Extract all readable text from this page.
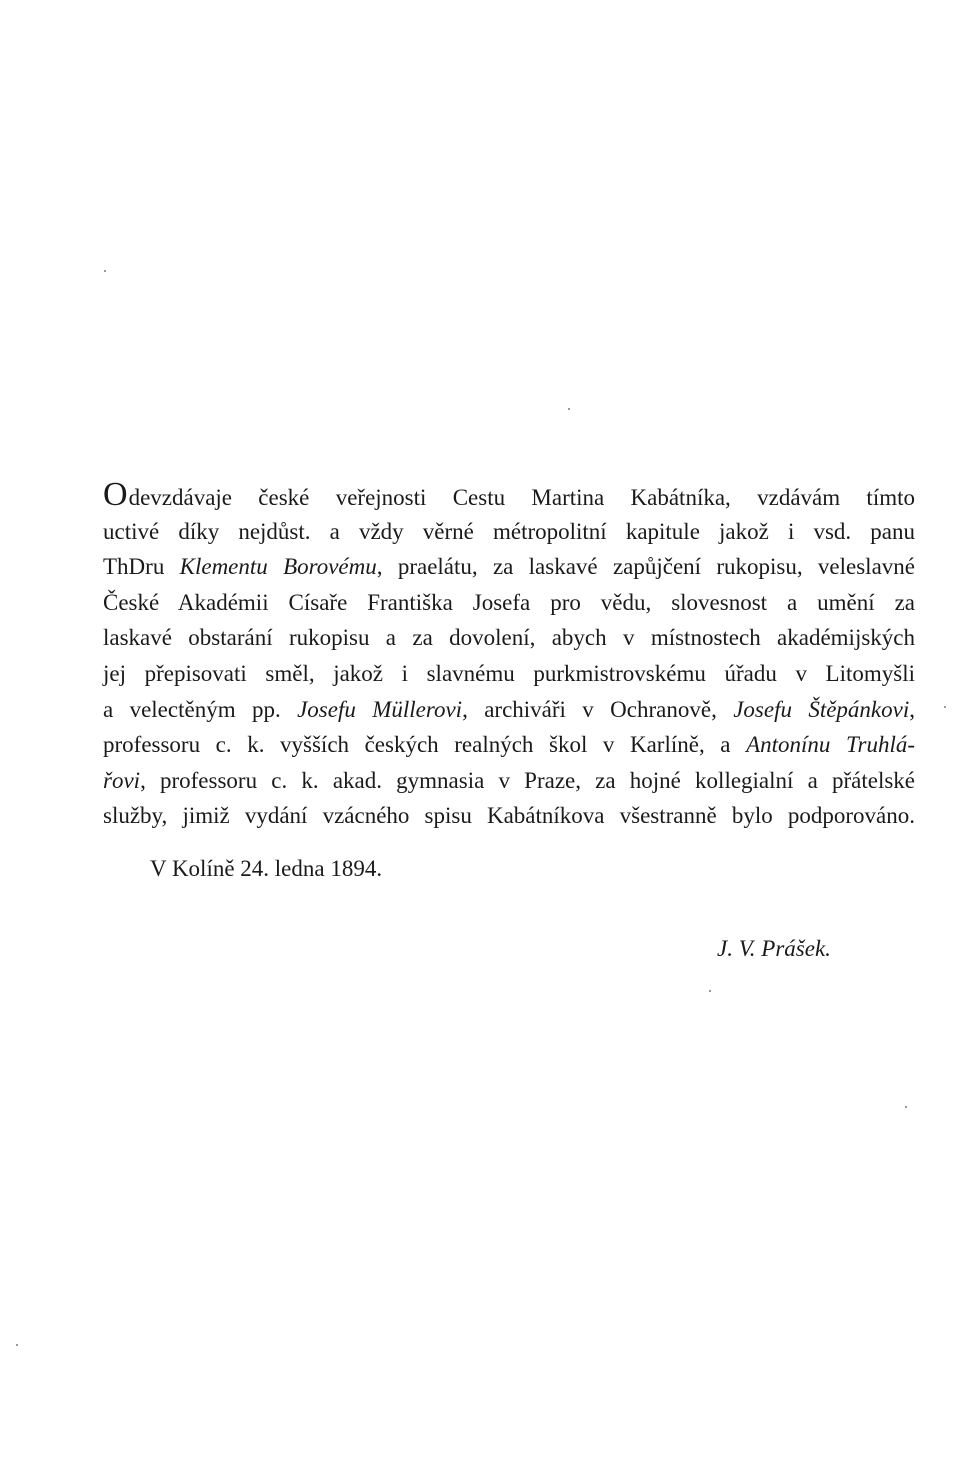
Odevzdávaje české veřejnosti Cestu Martina Kabátníka, vzdávám tímto
uctivé díky nejdůst. a vždy věrné métropolitní kapitule jakož i vsd. panu
ThDru Klementu Borovému, praelátu, za laskavé zapůjčení rukopisu, veleslavné
České Akadémii Císaře Františka Josefa pro vědu, slovesnost a umění za
laskavé obstarání rukopisu a za dovolení, abych v místnostech akadémijských
jej přepisovati směl, jakož i slavnému purkmistrovskému úřadu v Litomyšli
a velectěným pp. Josefu Müllerovi, archiváři v Ochranově, Josefu Štěpánkovi,
professoru c. k. vyšších českých realných škol v Karlíně, a Antonínu Truhlá-
řovi, professoru c. k. akad. gymnasia v Praze, za hojné kollegialní a přátelské
služby, jimiž vydání vzácného spisu Kabátníkova všestranně bylo podporováno.
V Kolíně 24. ledna 1894.
J. V. Prášek.
